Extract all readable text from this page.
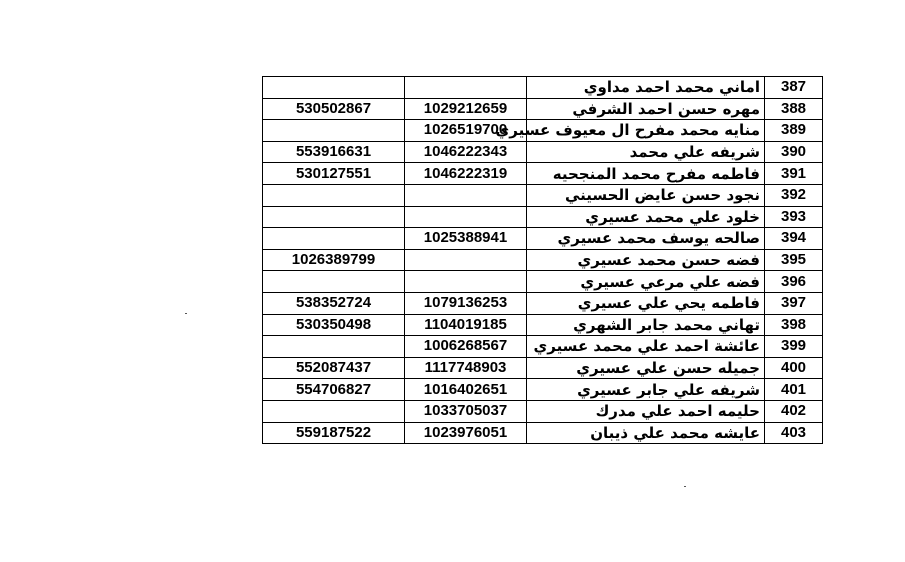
		اماني محمد احمد مداوي	387
530502867	1029212659	مهره حسن احمد الشرفي	388
	1026519700	منايه محمد مفرح ال معيوف عسيري	389
553916631	1046222343	شريفه علي محمد	390
530127551	1046222319	فاطمه مفرح محمد المنجحيه	391
		نجود حسن عايض الحسيني	392
		خلود علي محمد عسيري	393
	1025388941	صالحه يوسف محمد عسيري	394
1026389799		فضه حسن محمد عسيري	395
		فضه علي مرعي عسيري	396
538352724	1079136253	فاطمه يحي علي عسيري	397
530350498	1104019185	تهاني محمد جابر الشهري	398
	1006268567	عائشة احمد علي محمد عسيري	399
552087437	1117748903	جميله حسن علي عسيري	400
554706827	1016402651	شريفه علي جابر عسيري	401
	1033705037	حليمه احمد علي مدرك	402
559187522	1023976051	عايشه محمد علي ذيبان	403
